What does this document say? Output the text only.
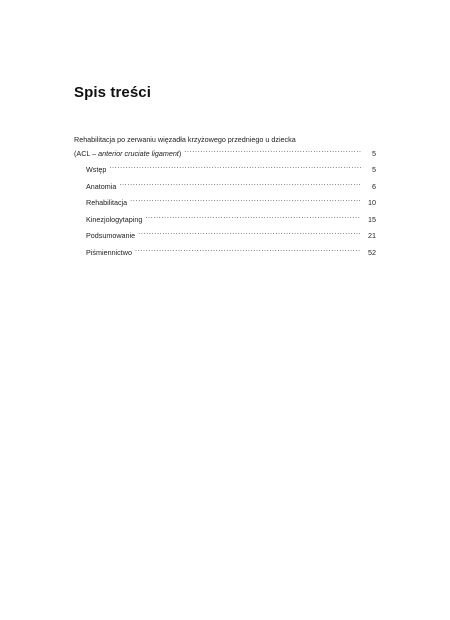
Spis treści
Rehabilitacja po zerwaniu więzadła krzyżowego przedniego u dziecka
(ACL – anterior cruciate ligament) . . .	5
Wstęp . . .	5
Anatomia . . .	6
Rehabilitacja . . .	10
Kinezjologytaping . . .	15
Podsumowanie . . .	21
Piśmiennictwo . . .	52
